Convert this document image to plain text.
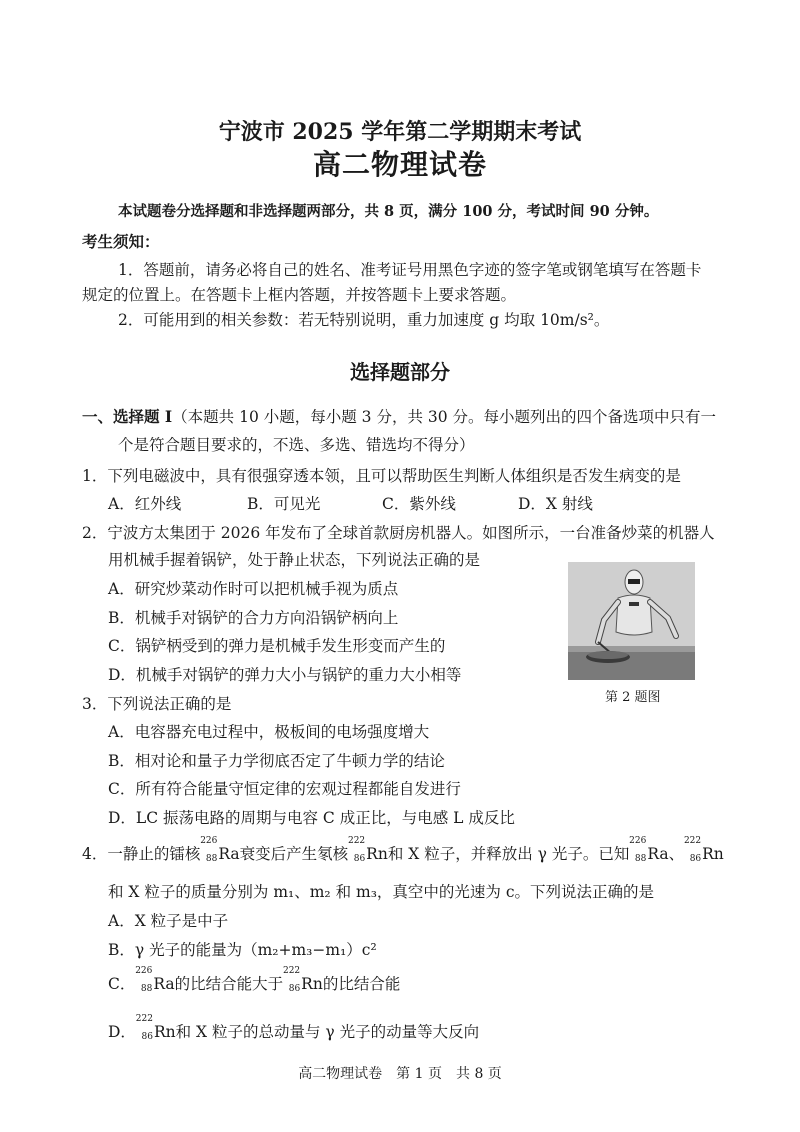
宁波市 2025 学年第二学期期末考试
高二物理试卷
本试题卷分选择题和非选择题两部分，共 8 页，满分 100 分，考试时间 90 分钟。
考生须知：
1．答题前，请务必将自己的姓名、准考证号用黑色字迹的签字笔或钢笔填写在答题卡
规定的位置上。在答题卡上框内答题，并按答题卡上要求答题。
2．可能用到的相关参数：若无特别说明，重力加速度 g 均取 10m/s²。
选择题部分
一、选择题 I（本题共 10 小题，每小题 3 分，共 30 分。每小题列出的四个备选项中只有一
个是符合题目要求的，不选、多选、错选均不得分）
1．下列电磁波中，具有很强穿透本领，且可以帮助医生判断人体组织是否发生病变的是
A．红外线	B．可见光	C．紫外线	D．X 射线
2．宁波方太集团于 2026 年发布了全球首款厨房机器人。如图所示，一台准备炒菜的机器人
用机械手握着锅铲，处于静止状态，下列说法正确的是
A．研究炒菜动作时可以把机械手视为质点
B．机械手对锅铲的合力方向沿锅铲柄向上
C．锅铲柄受到的弹力是机械手发生形变而产生的
D．机械手对锅铲的弹力大小与锅铲的重力大小相等
第 2 题图
3．下列说法正确的是
A．电容器充电过程中，极板间的电场强度增大
B．相对论和量子力学彻底否定了牛顿力学的结论
C．所有符合能量守恒定律的宏观过程都能自发进行
D．LC 振荡电路的周期与电容 C 成正比，与电感 L 成反比
4．一静止的镭核
226
88 Ra衰变后产生氡核
222
86 Rn和 X 粒子，并释放出 γ 光子。已知
226
88 Ra、
222
86 Rn
和 X 粒子的质量分别为 m₁、m₂ 和 m₃，真空中的光速为 c。下列说法正确的是
A．X 粒子是中子
B．γ 光子的能量为（m₂+m₃−m₁）c²
C．
226
88 Ra的比结合能大于
222
86 Rn的比结合能
D．
222
86 Rn和 X 粒子的总动量与 γ 光子的动量等大反向
高二物理试卷　第 1 页　共 8 页
